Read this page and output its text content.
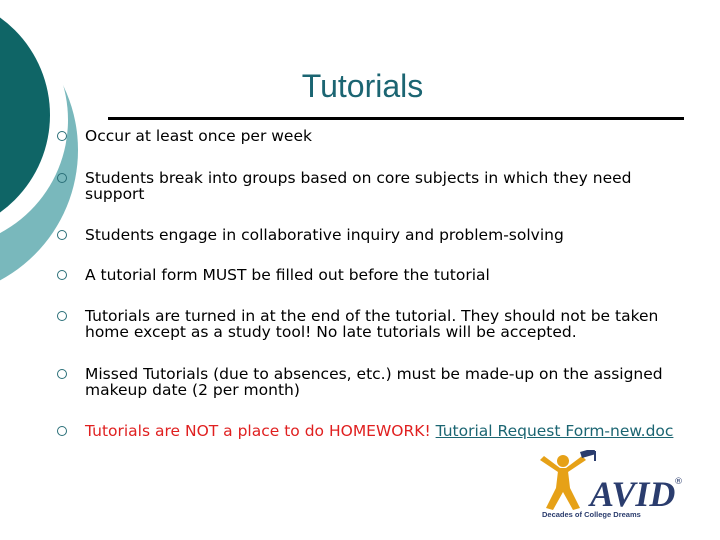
Tutorials
Occur at least once per week
Students break into groups based on core subjects in which they need support
Students engage in collaborative inquiry and problem-solving
A tutorial form MUST be filled out before the tutorial
Tutorials are turned in at the end of the tutorial. They should not be taken home except as a study tool! No late tutorials will be accepted.
Missed Tutorials (due to absences, etc.) must be made-up on the assigned makeup date (2 per month)
Tutorials are NOT a place to do HOMEWORK! Tutorial Request Form-new.doc
AVID
®
Decades of College Dreams
